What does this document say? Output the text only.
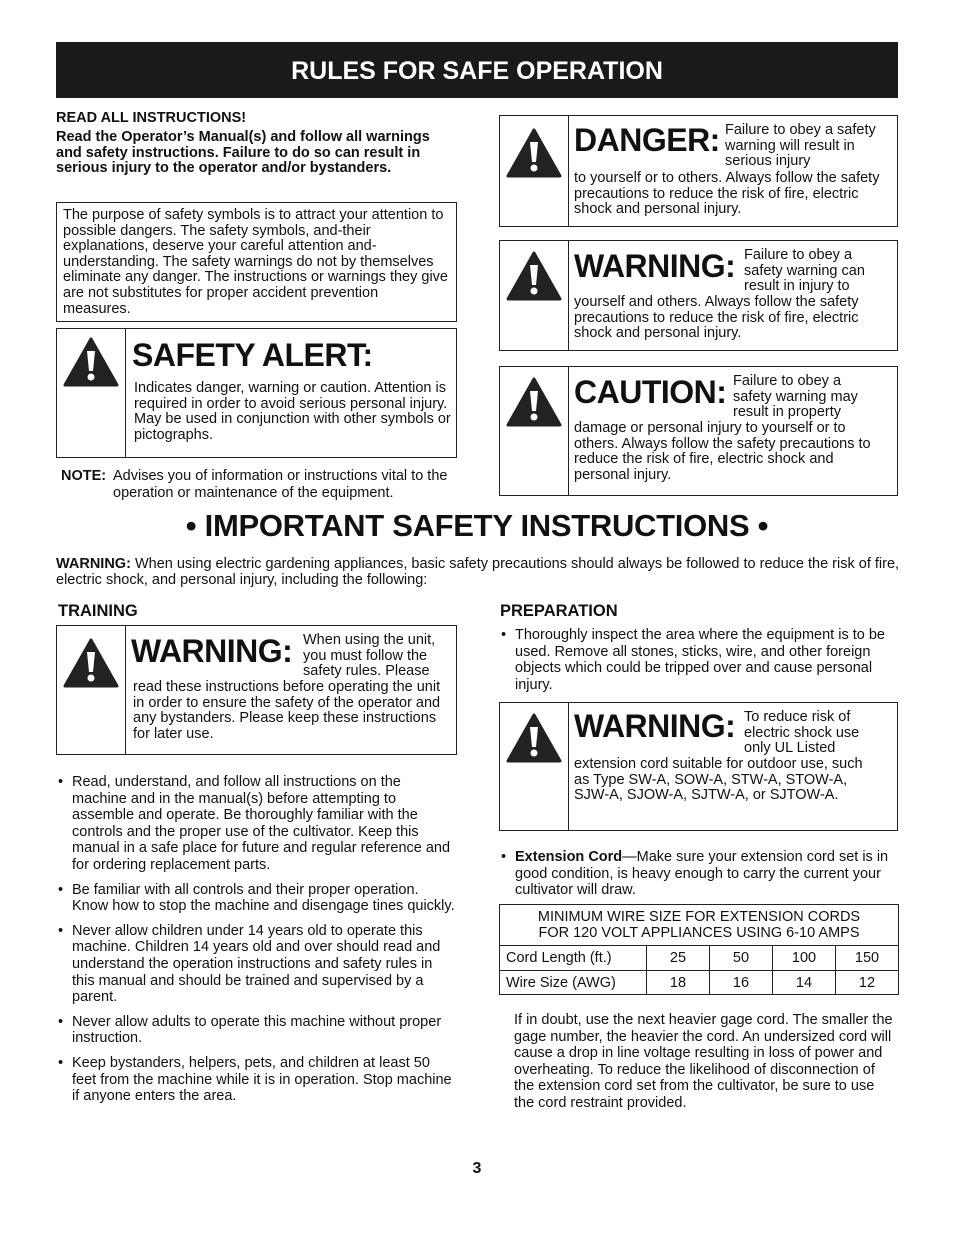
RULES FOR SAFE OPERATION

READ ALL INSTRUCTIONS!

Read the Operator’s Manual(s) and follow all warnings and safety instructions. Failure to do so can result in serious injury to the operator and/or bystanders.

The purpose of safety symbols is to attract your attention to possible dangers. The safety symbols, and-their explanations, deserve your careful attention and-understanding. The safety warnings do not by themselves eliminate any danger. The instructions or warnings they give are not substitutes for proper accident prevention measures.

SAFETY ALERT:
Indicates danger, warning or caution. Attention is required in order to avoid serious personal injury. May be used in conjunction with other symbols or pictographs.
NOTE: Advises you of information or instructions vital to the operation or maintenance of the equipment.
DANGER: Failure to obey a safety warning will result in serious injury
to yourself or to others. Always follow the safety precautions to reduce the risk of fire, electric shock and personal injury.
WARNING: Failure to obey a safety warning can result in injury to
yourself and others. Always follow the safety precautions to reduce the risk of fire, electric shock and personal injury.
CAUTION: Failure to obey a safety warning may result in property
damage or personal injury to yourself or to others. Always follow the safety precautions to reduce the risk of fire, electric shock and personal injury.
• IMPORTANT SAFETY INSTRUCTIONS •

WARNING: When using electric gardening appliances, basic safety precautions should always be followed to reduce the risk of fire, electric shock, and personal injury, including the following:

TRAINING
WARNING: When using the unit, you must follow the safety rules. Please
read these instructions before operating the unit in order to ensure the safety of the operator and any bystanders. Please keep these instructions for later use.
• Read, understand, and follow all instructions on the machine and in the manual(s) before attempting to assemble and operate. Be thoroughly familiar with the controls and the proper use of the cultivator. Keep this manual in a safe place for future and regular reference and for ordering replacement parts.
• Be familiar with all controls and their proper operation. Know how to stop the machine and disengage tines quickly.
• Never allow children under 14 years old to operate this machine. Children 14 years old and over should read and understand the operation instructions and safety rules in this manual and should be trained and supervised by a parent.
• Never allow adults to operate this machine without proper instruction.
• Keep bystanders, helpers, pets, and children at least 50 feet from the machine while it is in operation. Stop machine if anyone enters the area.
PREPARATION
• Thoroughly inspect the area where the equipment is to be used. Remove all stones, sticks, wire, and other foreign objects which could be tripped over and cause personal injury.
WARNING: To reduce risk of electric shock use only UL Listed
extension cord suitable for outdoor use, such as Type SW-A, SOW-A, STW-A, STOW-A, SJW-A, SJOW-A, SJTW-A, or SJTOW-A.
• Extension Cord—Make sure your extension cord set is in good condition, is heavy enough to carry the current your cultivator will draw.
MINIMUM WIRE SIZE FOR EXTENSION CORDS
FOR 120 VOLT APPLIANCES USING 6-10 AMPS				

Cord Length (ft.)	25	50	100	150
Wire Size (AWG)	18	16	14	12

If in doubt, use the next heavier gage cord. The smaller the gage number, the heavier the cord. An undersized cord will cause a drop in line voltage resulting in loss of power and overheating. To reduce the likelihood of disconnection of the extension cord set from the cultivator, be sure to use the cord restraint provided.

3
